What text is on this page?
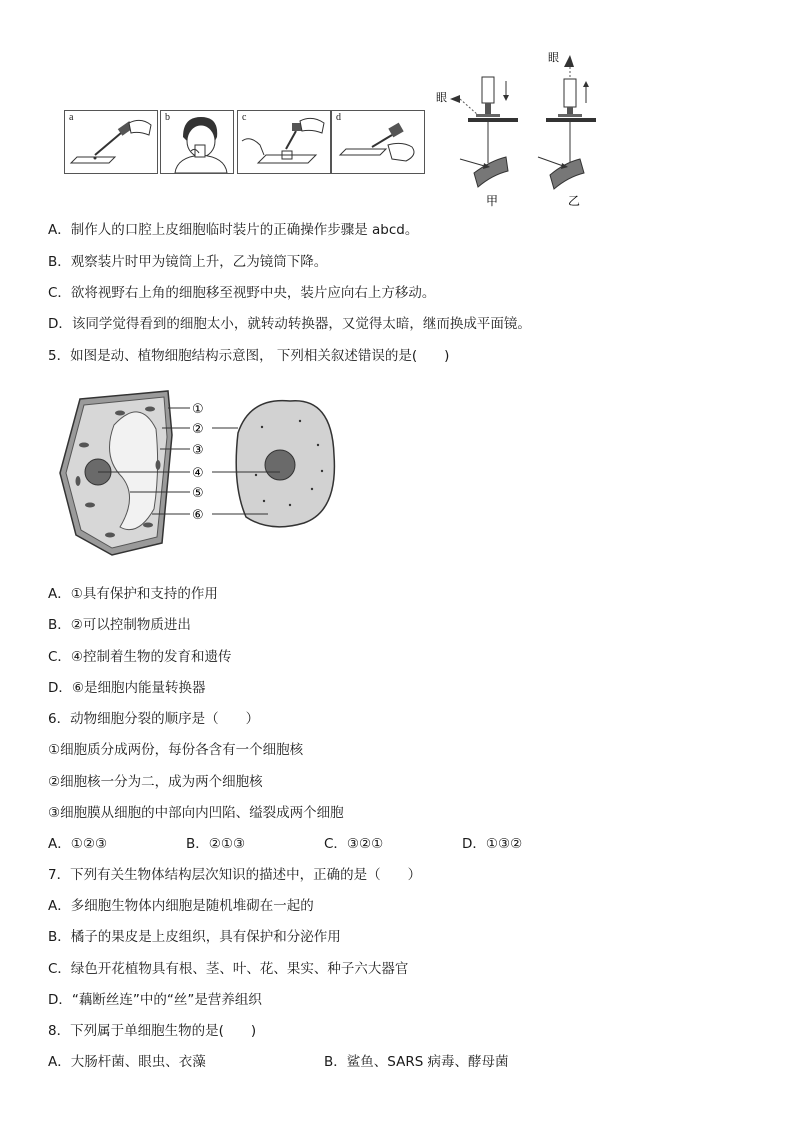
a	b	c	d
眼
甲
眼
乙
A．制作人的口腔上皮细胞临时装片的正确操作步骤是 abcd。
B．观察装片时甲为镜筒上升，乙为镜筒下降。
C．欲将视野右上角的细胞移至视野中央，装片应向右上方移动。
D．该同学觉得看到的细胞太小，就转动转换器，又觉得太暗，继而换成平面镜。
5．如图是动、植物细胞结构示意图， 下列相关叙述错误的是(　　)
①
②
③
④
⑤
⑥
A．①具有保护和支持的作用
B．②可以控制物质进出
C．④控制着生物的发育和遗传
D．⑥是细胞内能量转换器
6．动物细胞分裂的顺序是（　　）
①细胞质分成两份，每份各含有一个细胞核
②细胞核一分为二，成为两个细胞核
③细胞膜从细胞的中部向内凹陷、缢裂成两个细胞
A．①②③	B．②①③	C．③②①	D．①③②
7．下列有关生物体结构层次知识的描述中，正确的是（　　）
A．多细胞生物体内细胞是随机堆砌在一起的
B．橘子的果皮是上皮组织，具有保护和分泌作用
C．绿色开花植物具有根、茎、叶、花、果实、种子六大器官
D．“藕断丝连”中的“丝”是营养组织
8．下列属于单细胞生物的是(　　)
A．大肠杆菌、眼虫、衣藻	B．鲨鱼、SARS 病毒、酵母菌
